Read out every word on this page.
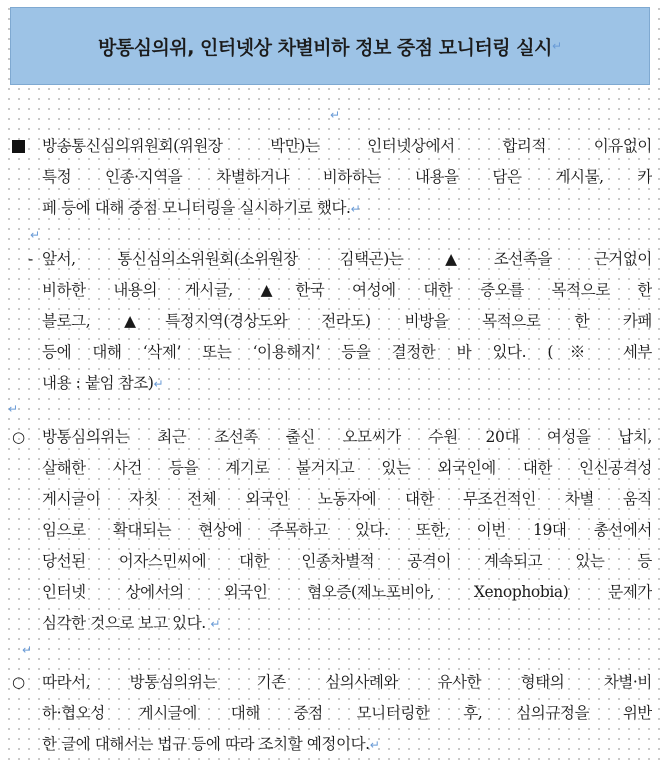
방통심의위, 인터넷상 차별비하 정보 중점 모니터링 실시 ↵
↵
방송통신심의위원회(위원장 박만)는 인터넷상에서 합리적 이유없이
특정 인종·지역을 차별하거나 비하하는 내용을 담은 게시물, 카
페 등에 대해 중점 모니터링을 실시하기로 했다.↵
↵
- 앞서, 통신심의소위원회(소위원장 김택곤)는 ▲조선족을 근거없이
비하한 내용의 게시글, ▲한국 여성에 대한 증오를 목적으로 한
블로그, ▲특정지역(경상도와 전라도) 비방을 목적으로 한 카페
등에 대해 ‘삭제’ 또는 ‘이용해지’ 등을 결정한 바 있다. (※ 세부
내용 : 붙임 참조)↵
↵
○	방통심의위는 최근 조선족 출신 오모씨가 수원 20대 여성을 납치,
살해한 사건 등을 계기로 불거지고 있는 외국인에 대한 인신공격성
게시글이 자칫 전체 외국인 노동자에 대한 무조건적인 차별 움직
임으로 확대되는 현상에 주목하고 있다. 또한, 이번 19대 총선에서
당선된 이자스민씨에 대한 인종차별적 공격이 계속되고 있는 등
인터넷 상에서의 외국인 혐오증(제노포비아, Xenophobia) 문제가
심각한 것으로 보고 있다. ↵
↵
○	따라서, 방통심의위는 기존 심의사례와 유사한 형태의 차별·비
하·협오성 게시글에 대해 중점 모니터링한 후, 심의규정을 위반
한 글에 대해서는 법규 등에 따라 조치할 예정이다.↵
